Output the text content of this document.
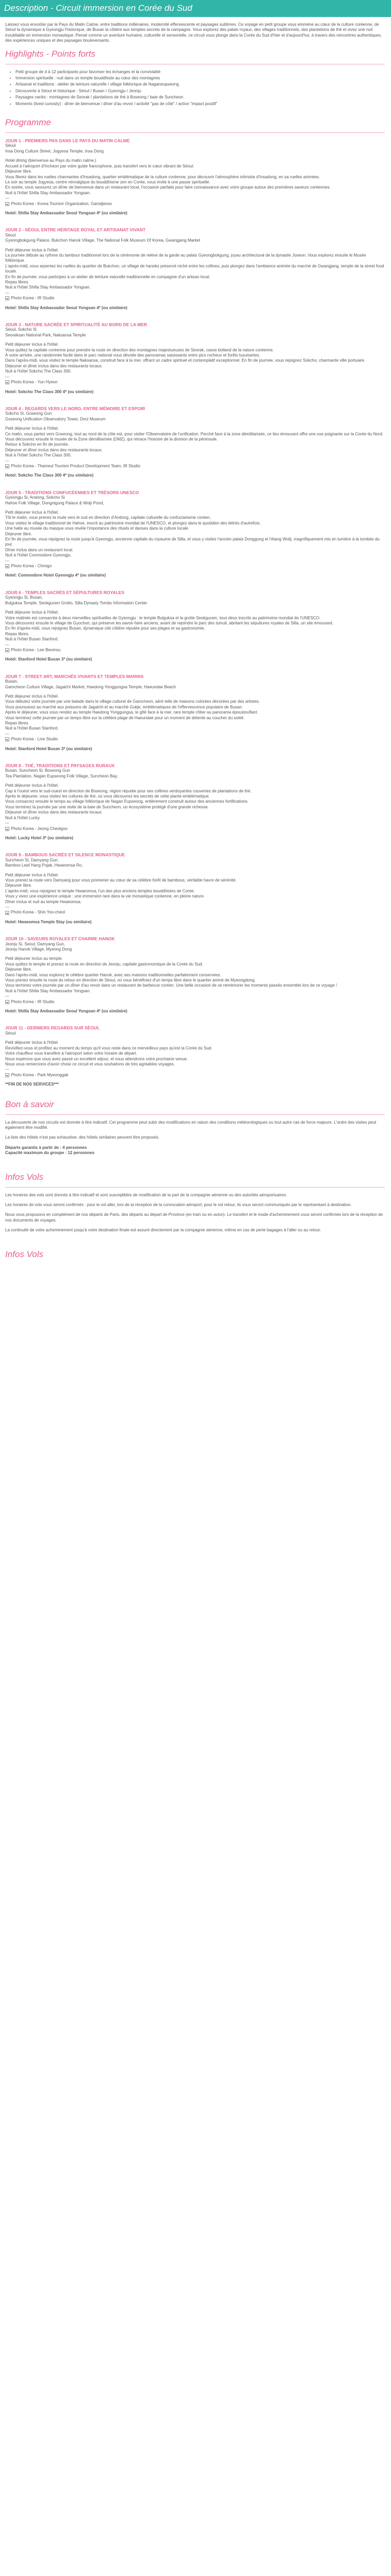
Description - Circuit immersion en Corée du Sud

Laissez vous envoûter par le Pays du Matin Calme, entre traditions millénaires, modernité effervescente et paysages sublimes. Ce voyage en petit groupe vous emmène au cœur de la culture coréenne, de Séoul la dynamique à Gyeongju l'historique, de Busan la côtière aux temples secrets de la campagne. Vous explorez des palais royaux, des villages traditionnels, des plantations de thé et vivez une nuit inoubliable en immersion monastique. Pensé comme un aventure humaine, culturelle et sensorielle, ce circuit vous plonge dans la Corée du Sud d'hier et d'aujourd'hui, à travers des rencontres authentiques, des expériences uniques et des paysages bouleversants.

Highlights - Points forts
• Petit groupe de 4 à 12 participants pour favoriser les échanges et la convivialité
• Immersion spirituelle : nuit dans un temple bouddhiste au cœur des montagnes
• Artisanat et traditions : atelier de teinture naturelle / village folklorique de Naganeupseong
• Découverte à Séoul et historique : Séoul / Busan / Gyeongju / Jeonju
• Paysages variés : montagnes de Seorak / plantations de thé à Boseong / baie de Suncheon
• Moments (lived curiosity) : dîner de bienvenue / dîner d'au revoir / activité "pas de côté" / action "impact positif"
Programme

JOUR 1 - PREMIERS PAS DANS LE PAYS DU MATIN CALME

Séoul

Insa Dong Culture Street, Jogyesa Temple, Insa Dong

Hotel dining (bienvenue au Pays du matin calme.)

Accueil à l'aéroport d'Incheon par votre guide francophone, puis transfert vers le cœur vibrant de Séoul.

Déjeuner libre.

Vous filerez dans les ruelles charmantes d'Insadong, quartier emblématique de la culture coréenne, pour découvrir l'atmosphère intimiste d'Insadong, en sa ruelles animées.

Le soir au temple Jogyesa, centre névralgique du bouddhisme zen en Corée, vous invite à une pause spirituelle.

En soirée, vous savourez un dîner de bienvenue dans un restaurant local, l'occasion parfaite pour faire connaissance avec votre groupe autour des premières saveurs coréennes.

Nuit à l'hôtel Shilla Stay Ambassador Yongsan.

---

Photo Korea - Korea Tourism Organization, Gamdjeoso

Hotel: Shilla Stay Ambassador Seoul Yongsan 4* (ou similaire)

JOUR 2 - SÉOUL ENTRE HÉRITAGE ROYAL ET ARTISANAT VIVANT

Séoul

Gyeongbokgung Palace, Bukchon Hanok Village, The National Folk Museum Of Korea, Gwangjang Market

Petit déjeuner inclus à l'hôtel.

La journée débute au rythme du tambour traditionnel lors de la cérémonie de relève de la garde au palais Gyeongbokgung, joyau architectural de la dynastie Joseon. Vous explorez ensuite le Musée folklorique.

L'après-midi, vous arpentez les ruelles du quartier de Bukchon, un village de hanoks préservé niché entre les collines, puis plongez dans l'ambiance animée du marché de Gwangjang, temple de la street food locale.

En fin de journée, vous participez à un atelier de teinture naturelle traditionnelle en compagnie d'un artisan local.

Repas libres.

Nuit à l'hôtel Shilla Stay Ambassador Yongsan.

---

Photo Korea - IR Studio

Hotel: Shilla Stay Ambassador Seoul Yongsan 4* (ou similaire)

JOUR 3 - NATURE SACRÉE ET SPIRITUALITÉ AU BORD DE LA MER

Séoul, Sokcho Si

Seoraksan National Park, Naksansa Temple

Petit déjeuner inclus à l'hôtel.

Vous quittez la capitale coréenne pour prendre la route en direction des montagnes majestueuses de Seorak, casse bolland de la nature coréenne.

À votre arrivée, une randonnée facile dans le parc national vous dévoile des panoramas saisissants entre pics rocheux et forêts luxuriantes.

Dans l'après-midi, vous visitez le temple Naksansa, construit face à la mer, offrant un cadre spirituel et contemplatif exceptionnel. En fin de journée, vous rejoignez Sokcho, charmante ville portuaire.

Déjeuner et dîner inclus dans des restaurants locaux.

Nuit à l'hôtel Sokcho The Class 300.

---

Photo Korea - Yun Hyeon

Hotel: Sokcho The Class 300 4* (ou similaire)

JOUR 4 - REGARDS VERS LE NORD, ENTRE MÉMOIRE ET ESPOIR

Sokcho Si, Goseong Gun

Goseong Unification Observatory Tower, Dmz Museum

Petit déjeuner inclus à l'hôtel.

Ce matin, vous partez vers Goseong, tout au nord de la côte est, pour visiter l'Observatoire de l'unification. Perché face à la zone démilitarisée, ce lieu émouvant offre une vue poignante sur la Corée du Nord.

Vous découvrez ensuite le musée de la Zone démilitarisée (DMZ), qui retrace l'histoire de la division de la péninsule.

Retour à Sokcho en fin de journée.

Déjeuner et dîner inclus dans des restaurants locaux.

Nuit à l'hôtel Sokcho The Class 300.

---

Photo Korea - Thameul Tourism Product Development Team, IR Studio

Hotel: Sokcho The Class 300 4* (ou similaire)

JOUR 5 - TRADITIONS CONFUCÉENNES ET TRÉSORS UNESCO

Gyeongju Si, Andong, Sokcho Si

Hahoe Folk Village, Dongnigung Palace & Wolji Pond,

Petit déjeuner inclus à l'hôtel.

Tôt le matin, vous prenez la route vers le sud en direction d'Andong, capitale culturelle du confucianisme coréen.

Vous visitez le village traditionnel de Hahoe, inscrit au patrimoine mondial de l'UNESCO, et plongez dans le quotidien des lettrés d'autrefois.

Une halte au musée du masque vous révèle l'importance des rituels et danses dans la culture locale.

Déjeuner libre.

En fin de journée, vous rejoignez la route jusqu'à Gyeongju, ancienne capitale du royaume de Silla, et vous y visitez l'ancien palais Donggung et l'étang Wolji, magnifiquement mis en lumière à la tombée du jour.

Dîner inclus dans un restaurant local.

Nuit à l'hôtel Commodore Gyeongju.

---

Photo Korea - Chmigo

Hotel: Commodore Hotel Gyeongju 4* (ou similaire)

JOUR 6 - TEMPLES SACRÉS ET SÉPULTURES ROYALES

Gyeongju Si, Busan,

Bulguksa Temple, Seokguram Grotto, Silla Dynasty Tombs Information Center

Petit déjeuner inclus à l'hôtel.

Votre matinée est consacrée à deux merveilles spirituelles de Gyeongju : le temple Bulguksa et la grotte Seokguram, tous deux inscrits au patrimoine mondial de l'UNESCO.

Vous découvrez ensuite le village de Gyochon, qui préserve les savoir-faire anciens, avant de rejoindre le parc des tumuli, abritant les sépultures royales de Silla, un site émouvant.

En fin d'après-midi, vous rejoignez Busan, dynamique cité côtière réputée pour ses plages et sa gastronomie.

Repas libres.

Nuit à l'hôtel Busan Stanford.

---

Photo Korea - Lee Beomsu

Hotel: Stanford Hotel Busan 3* (ou similaire)

JOUR 7 - STREET ART, MARCHÉS VIVANTS ET TEMPLES MARINS

Busan,

Gamcheon Culture Village, Jagalchi Market, Haedong Yonggungsa Temple, Haeundae Beach

Petit déjeuner inclus à l'hôtel.

Vous débutez votre journée par une balade dans le village culturel de Gamcheon, aéré telle de maisons colorées décorées par des artistes.

Vous poursuivez au marché aux poissons de Jagalchi et au marché Gukje, emblématiques de l'effervescence populaire de Busan.

Après le déjeuner, vous vous rendez au temple Haedong Yonggungsa, le gîté face à la mer, rare temple côtier au panorama époustouflant.

Vous terminez cette journée par un temps libre sur la célèbre plage de Haeundae pour un moment de détente au coucher du soleil.

Repas libres.

Nuit à l'hôtel Busan Stanford.

---

Photo Korea - Live Studio

Hotel: Stanford Hotel Busan 3* (ou similaire)

JOUR 8 - THÉ, TRADITIONS ET PAYSAGES RURAUX

Busan, Suncheon Si, Boseong Gun

Tea Plantation, Nagan Eupseong Folk Village, Suncheon Bay,

Petit déjeuner inclus à l'hôtel.

Cap à l'ouest vers le sud-ouest en direction de Boseong, région réputée pour ses collines verdoyantes couvertes de plantations de thé.

Après le déjeuner, vous visitez les cultures de thé, où vous découvrez les secrets de cette plante emblématique.

Vous consacrez ensuite le temps au village folklorique de Nagan Eupseong, entièrement construit autour des anciennes fortifications.

Vous terminez la journée par une visite de la baie de Suncheon, un écosystème protégé d'une grande richesse.

Déjeuner et dîner inclus dans des restaurants locaux.

Nuit à l'hôtel Lucky.

---

Photo Korea - Jeong Cheolgoo

Hotel: Lucky Hotel 3* (ou similaire)

JOUR 9 - BAMBOUS SACRÉS ET SILENCE MONASTIQUE

Suncheon Si, Damyang Gun,

Bamboo Leaf Hang Pojak, Hwaeomsa Ro,

Petit déjeuner inclus à l'hôtel.

Vous prenez la route vers Damyang pour vous promener au cœur de sa célèbre forêt de bambous, véritable havre de sérénité.

Déjeuner libre.

L'après-midi, vous rejoignez le temple Hwaeomsa, l'un des plus anciens temples bouddhistes de Corée.

Vous y vivez une expérience unique : une immersion rare dans la vie monastique coréenne, en pleine nature.

Dîner inclus et nuit au temple Hwaeomsa.

---

Photo Korea - Shin Yoo-cheol

Hotel: Hwaeomsa Temple Stay (ou similaire)

JOUR 10 - SAVEURS ROYALES ET CHARME HANOK

Jeonju Si, Seoul, Damyang Gun,

Jeonju Hanok Village, Myeong Dong

Petit déjeuner inclus au temple.

Vous quittez le temple et prenez la route en direction de Jeonju, capitale gastronomique de la Corée du Sud.

Déjeuner libre.

Dans l'après-midi, vous explorez le célèbre quartier Hanok, avec ses maisons traditionnelles parfaitement conservées.

Vous prenez ensuite la route du retour en direction de Séoul, où vous bénéficiez d'un temps libre dans le quartier animé de Myeongdong.

Vous terminez votre journée par un dîner d'au revoir dans un restaurant de barbecue coréen. Une belle occasion de se remémorer les moments passés ensemble lors de ce voyage !

Nuit à l'hôtel Shilla Stay Ambassador Yongsan.

---

Photo Korea - IR Studio

Hotel: Shilla Stay Ambassador Seoul Yongsan 4* (ou similaire)

JOUR 11 - DERNIERS REGARDS SUR SÉOUL

Séoul

Petit déjeuner inclus à l'hôtel.

Revivifiez-vous et profitez au moment du temps qu'il vous reste dans ce merveilleux pays qu'est la Corée du Sud.

Votre chauffeur vous transfère à l'aéroport selon votre horaire de départ.

Nous espérons que vous avez passé un excellent séjour, et nous attendrons votre prochaine venue.

Nous vous remercions d'avoir choisi ce circuit et vous souhaitons de très agréables voyages.

---

Photo Korea - Park Myeonggak

**FIN DE NOS SERVICES***

Bon à savoir

La découverte de nos circuits est donnée à titre indicatif. Cet programme peut subir des modifications en raison des conditions météorologiques ou tout autre cas de force majeure. L'ordre des visites peut également être modifié.

La liste des hôtels n'est pas exhaustive, des hôtels similaires peuvent être proposés.

Départs garantis à partir de : 4 personnes

Capacité maximum du groupe : 12 personnes

Infos Vols

Les horaires des vols sont donnés à titre indicatif et sont susceptibles de modification de la part de la compagnie aérienne ou des autorités aéroportuaires.

Les horaires de vols vous seront confirmés : pour le vol aller, lors de la réception de la convocation aéroport, pour le vol retour, ils vous seront communiqués par le représentant à destination.

Nous vous proposons en complément de nos départs de Paris, des départs au départ de Province (en train ou en avion). Le transfert et le mode d'acheminement vous seront confirmés lors de la réception de nos documents de voyages.

La continuité de votre acheminement jusqu'à votre destination finale est assuré directement par la compagnie aérienne, même en cas de perte bagages à l'aller ou au retour.

Infos Vols
